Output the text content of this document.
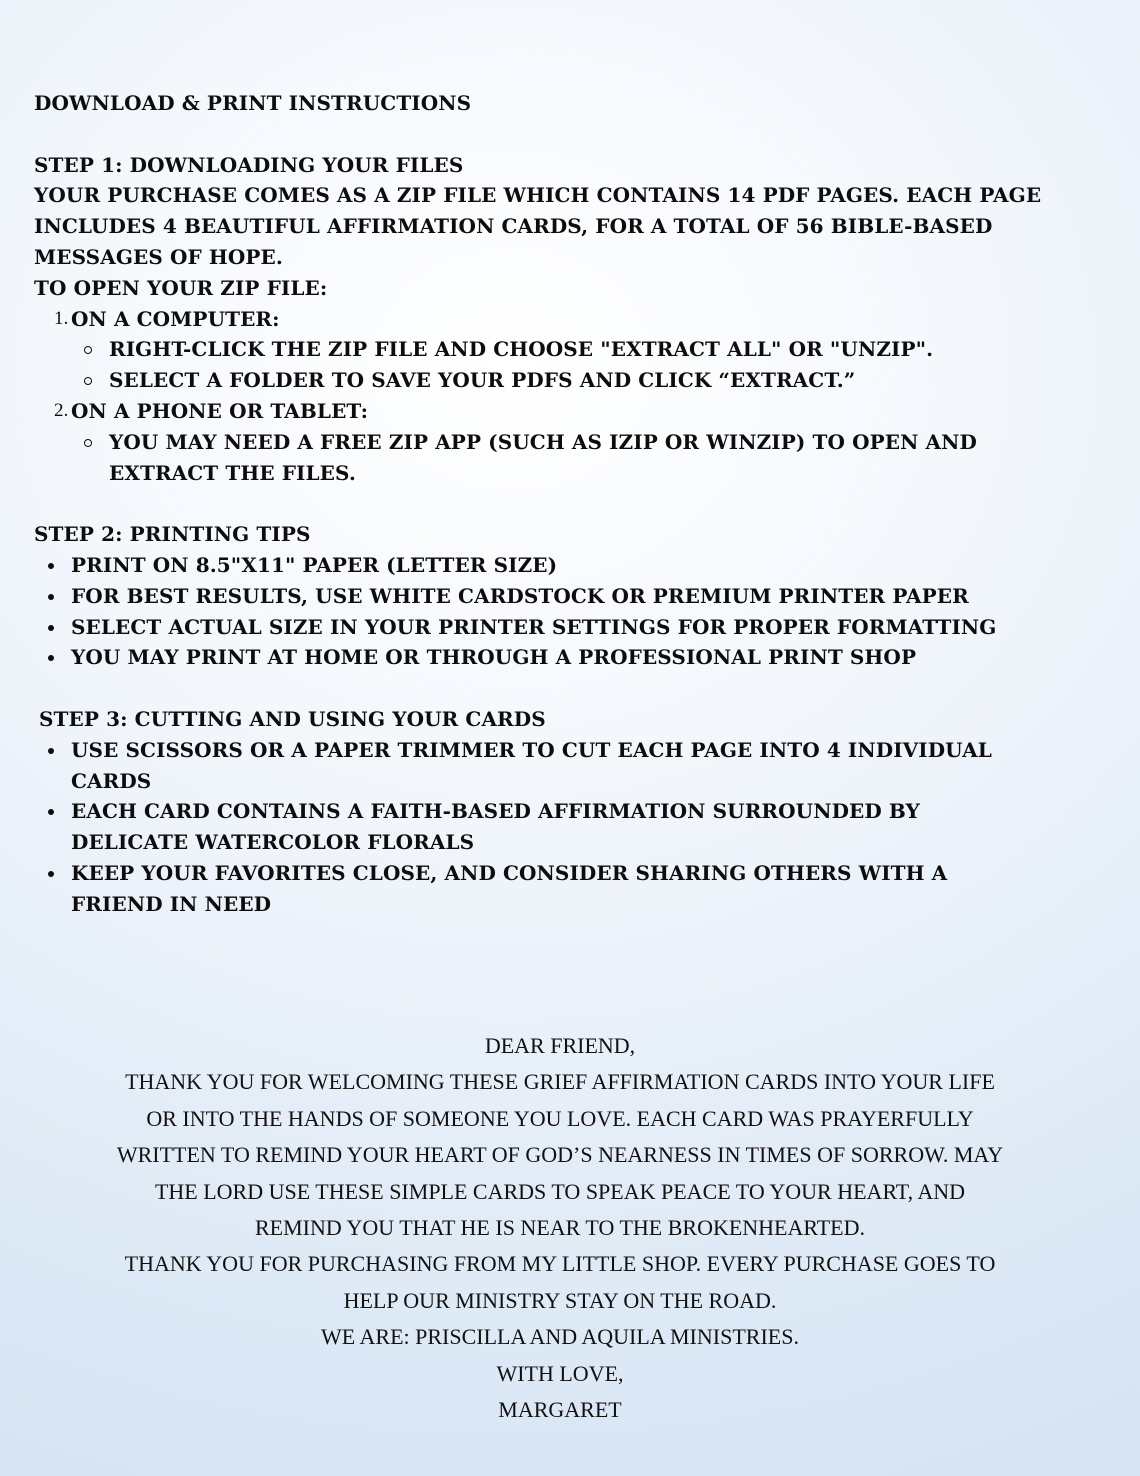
DOWNLOAD & PRINT INSTRUCTIONS

STEP 1: DOWNLOADING YOUR FILES

YOUR PURCHASE COMES AS A ZIP FILE WHICH CONTAINS 14 PDF PAGES. EACH PAGE

INCLUDES 4 BEAUTIFUL AFFIRMATION CARDS, FOR A TOTAL OF 56 BIBLE-BASED

MESSAGES OF HOPE.

TO OPEN YOUR ZIP FILE:

1. ON A COMPUTER:
RIGHT-CLICK THE ZIP FILE AND CHOOSE "EXTRACT ALL" OR "UNZIP".
SELECT A FOLDER TO SAVE YOUR PDFS AND CLICK “EXTRACT.”
2. ON A PHONE OR TABLET:
YOU MAY NEED A FREE ZIP APP (SUCH AS IZIP OR WINZIP) TO OPEN AND EXTRACT THE FILES.

STEP 2: PRINTING TIPS

PRINT ON 8.5"X11" PAPER (LETTER SIZE)
FOR BEST RESULTS, USE WHITE CARDSTOCK OR PREMIUM PRINTER PAPER
SELECT ACTUAL SIZE IN YOUR PRINTER SETTINGS FOR PROPER FORMATTING
YOU MAY PRINT AT HOME OR THROUGH A PROFESSIONAL PRINT SHOP

STEP 3: CUTTING AND USING YOUR CARDS

USE SCISSORS OR A PAPER TRIMMER TO CUT EACH PAGE INTO 4 INDIVIDUAL CARDS
EACH CARD CONTAINS A FAITH-BASED AFFIRMATION SURROUNDED BY DELICATE WATERCOLOR FLORALS
KEEP YOUR FAVORITES CLOSE, AND CONSIDER SHARING OTHERS WITH A FRIEND IN NEED

DEAR FRIEND,

THANK YOU FOR WELCOMING THESE GRIEF AFFIRMATION CARDS INTO YOUR LIFE

OR INTO THE HANDS OF SOMEONE YOU LOVE. EACH CARD WAS PRAYERFULLY

WRITTEN TO REMIND YOUR HEART OF GOD’S NEARNESS IN TIMES OF SORROW. MAY

THE LORD USE THESE SIMPLE CARDS TO SPEAK PEACE TO YOUR HEART, AND

REMIND YOU THAT HE IS NEAR TO THE BROKENHEARTED.

THANK YOU FOR PURCHASING FROM MY LITTLE SHOP. EVERY PURCHASE GOES TO

HELP OUR MINISTRY STAY ON THE ROAD.

WE ARE: PRISCILLA AND AQUILA MINISTRIES.

WITH LOVE,

MARGARET
